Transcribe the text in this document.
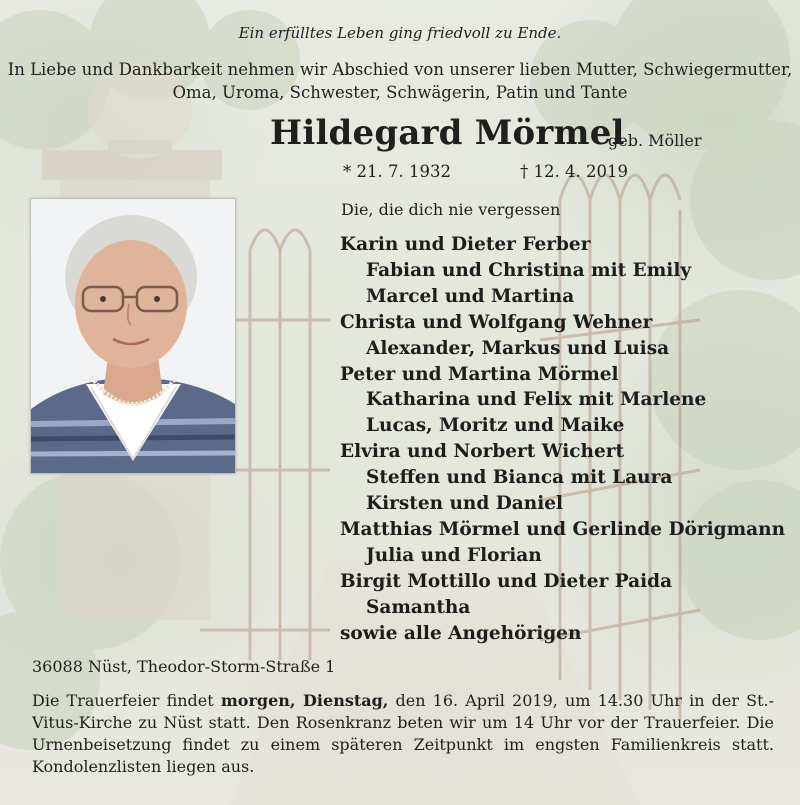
Ein erfülltes Leben ging friedvoll zu Ende.
In Liebe und Dankbarkeit nehmen wir Abschied von unserer lieben Mutter, Schwiegermutter, Oma, Uroma, Schwester, Schwägerin, Patin und Tante
Hildegard Mörmel
geb. Möller
* 21. 7. 1932	† 12. 4. 2019
Die, die dich nie vergessen
Karin und Dieter Ferber
Fabian und Christina mit Emily
Marcel und Martina
Christa und Wolfgang Wehner
Alexander, Markus und Luisa
Peter und Martina Mörmel
Katharina und Felix mit Marlene
Lucas, Moritz und Maike
Elvira und Norbert Wichert
Steffen und Bianca mit Laura
Kirsten und Daniel
Matthias Mörmel und Gerlinde Dörigmann
Julia und Florian
Birgit Mottillo und Dieter Paida
Samantha
sowie alle Angehörigen
36088 Nüst, Theodor-Storm-Straße 1

Die Trauerfeier findet morgen, Dienstag, den 16. April 2019, um 14.30 Uhr in der St.-Vitus-Kirche zu Nüst statt. Den Rosenkranz beten wir um 14 Uhr vor der Trauerfeier. Die Urnenbeisetzung findet zu einem späteren Zeitpunkt im engsten Familienkreis statt. Kondolenzlisten liegen aus.
